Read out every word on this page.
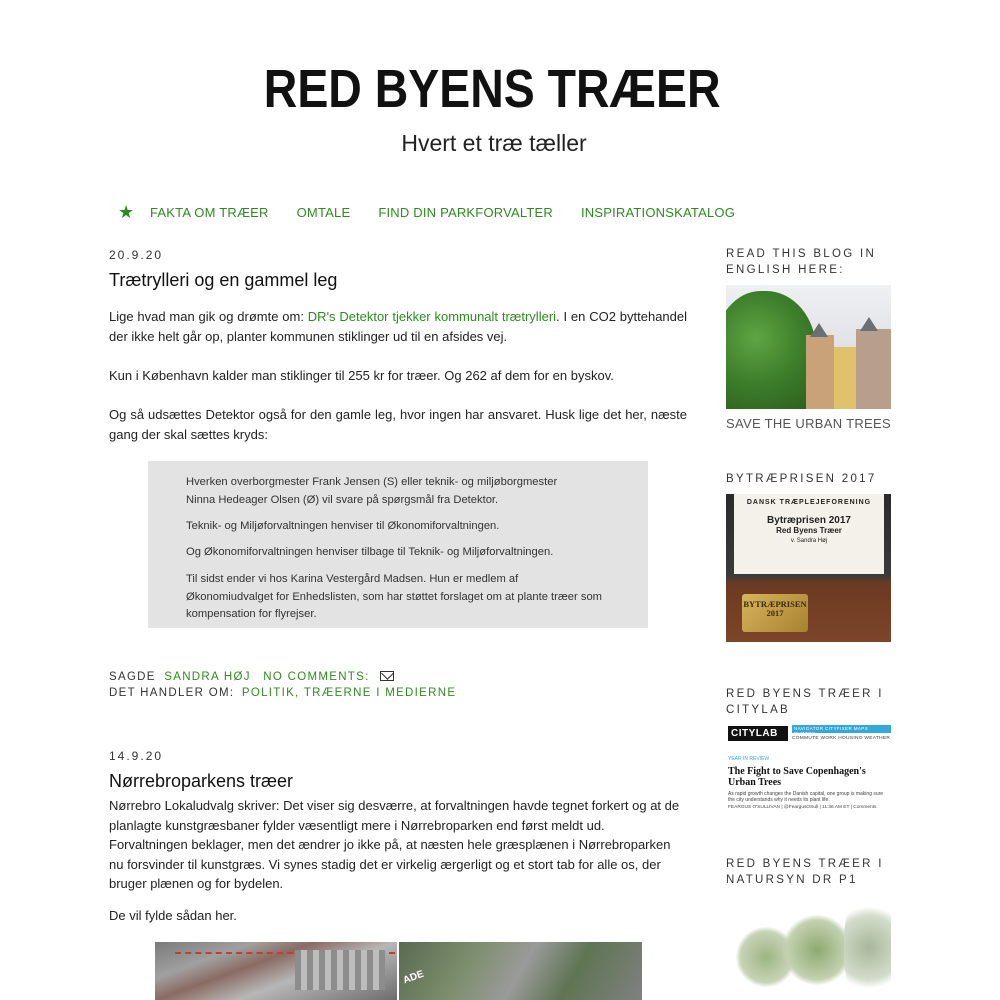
RED BYENS TRÆER
Hvert et træ tæller
★	FAKTA OM TRÆER OMTALE FIND DIN PARKFORVALTER INSPIRATIONSKATALOG
20.9.20
Trætrylleri og en gammel leg
Lige hvad man gik og drømte om: DR's Detektor tjekker kommunalt trætrylleri. I en CO2 byttehandel der ikke helt går op, planter kommunen stiklinger ud til en afsides vej.
Kun i København kalder man stiklinger til 255 kr for træer. Og 262 af dem for en byskov.
Og så udsættes Detektor også for den gamle leg, hvor ingen har ansvaret. Husk lige det her, næste gang der skal sættes kryds:

Hverken overborgmester Frank Jensen (S) eller teknik- og miljøborgmester Ninna Hedeager Olsen (Ø) vil svare på spørgsmål fra Detektor.

Teknik- og Miljøforvaltningen henviser til Økonomiforvaltningen.

Og Økonomiforvaltningen henviser tilbage til Teknik- og Miljøforvaltningen.

Til sidst ender vi hos Karina Vestergård Madsen. Hun er medlem af Økonomiudvalget for Enhedslisten, som har støttet forslaget om at plante træer som kompensation for flyrejser.

SAGDE SANDRA HØJ NO COMMENTS:
DET HANDLER OM: POLITIK, TRÆERNE I MEDIERNE
14.9.20
Nørrebroparkens træer
Nørrebro Lokaludvalg skriver: Det viser sig desværre, at forvaltningen havde tegnet forkert og at de planlagte kunstgræsbaner fylder væsentligt mere i Nørrebroparken end først meldt ud. Forvaltningen beklager, men det ændrer jo ikke på, at næsten hele græsplænen i Nørrebroparken nu forsvinder til kunstgræs. Vi synes stadig det er virkelig ærgerligt og et stort tab for alle os, der bruger plænen og for bydelen.
De vil fylde sådan her.
ADE
READ THIS BLOG IN ENGLISH HERE:
SAVE THE URBAN TREES
BYTRÆPRISEN 2017
DANSK TRÆPLEJEFORENING
Bytræprisen 2017
Red Byens Træer
v. Sandra Høj
BYTRÆPRISEN
2017
RED BYENS TRÆER I CITYLAB
CITYLAB	NAVIGATOR CITYFIXER MAPS PHOTOS
COMMUTE WORK HOUSING WEATHER
YEAR IN REVIEW
The Fight to Save Copenhagen's Urban Trees
As rapid growth changes the Danish capital, one group is making sure the city understands why it needs its plant life.
FEARGUS O'SULLIVAN | @FeargusOSull | 11:36 AM ET | Comments
RED BYENS TRÆER I NATURSYN DR P1
